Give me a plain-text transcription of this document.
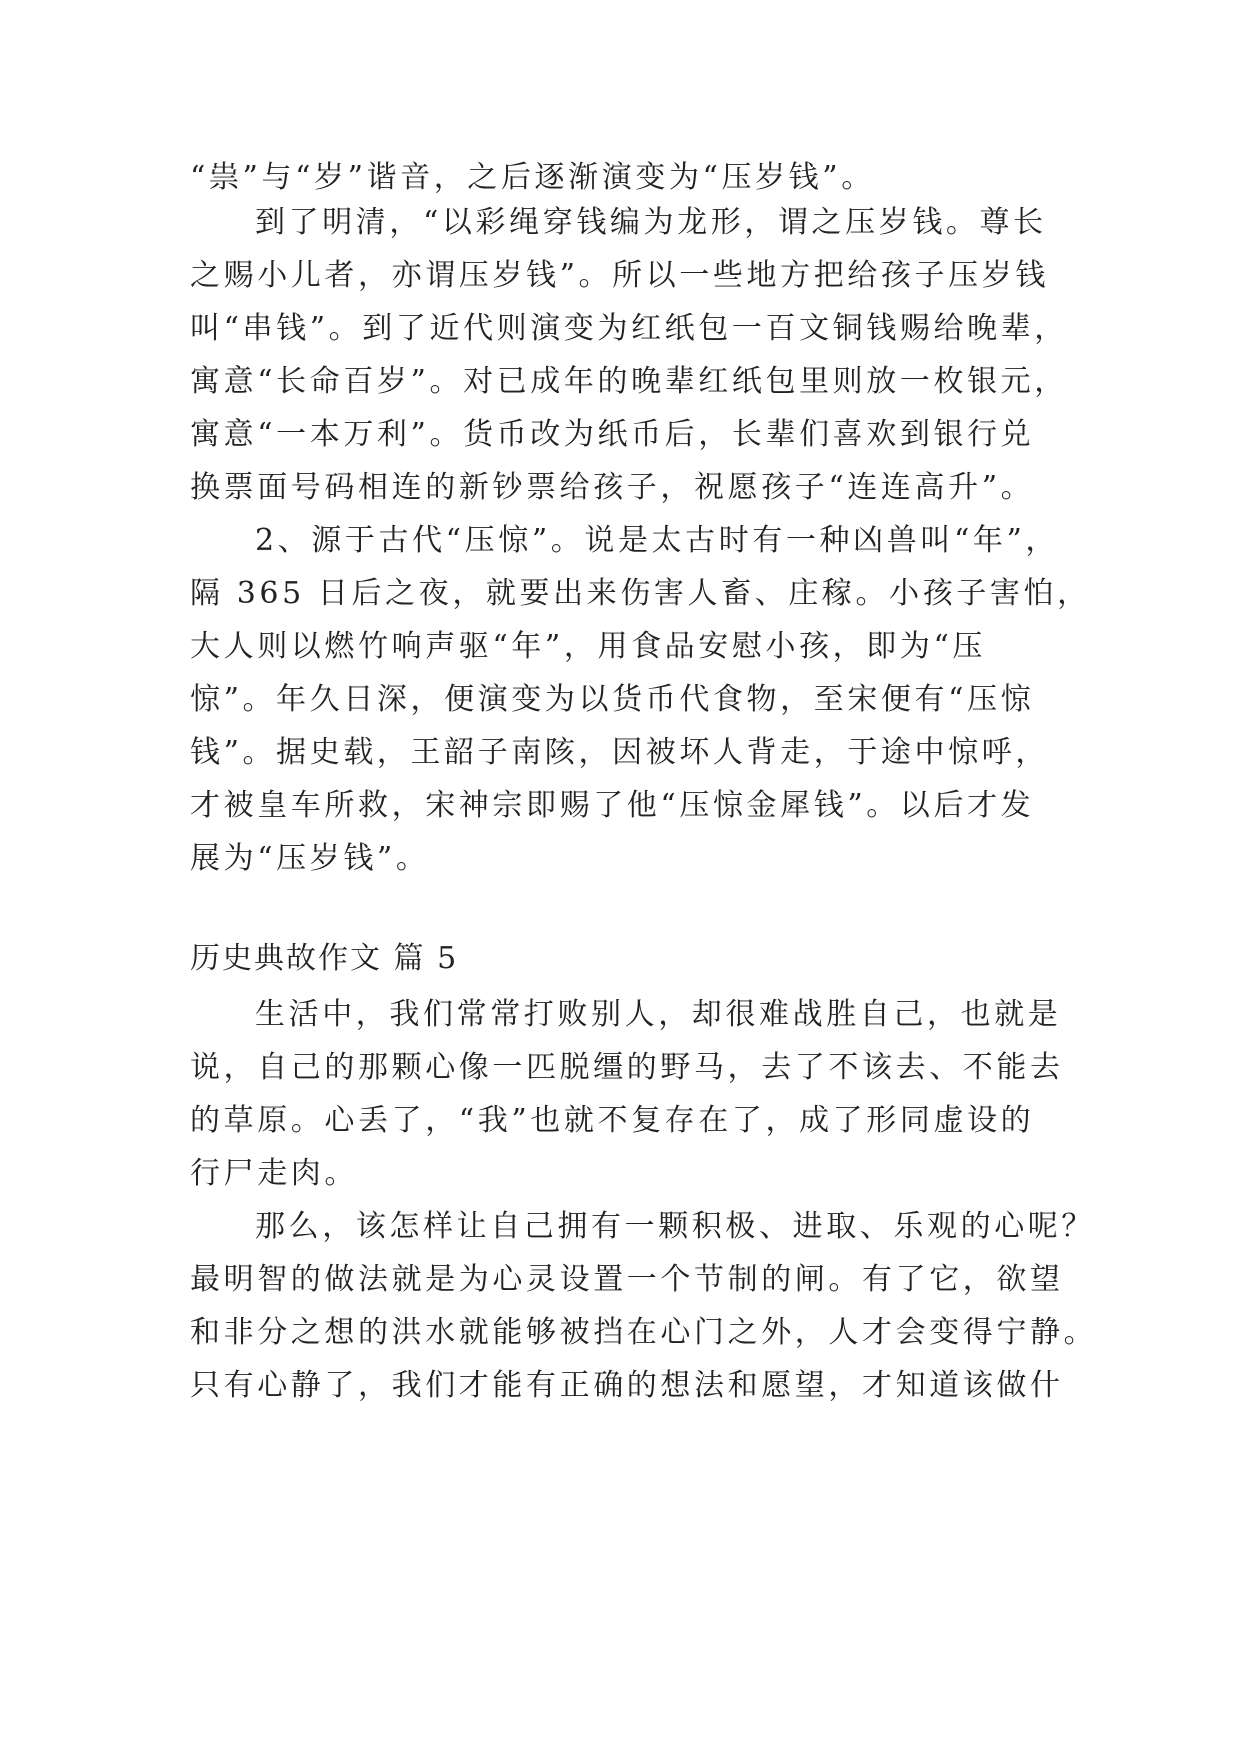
“祟”与“岁”谐音，之后逐渐演变为“压岁钱”。
到了明清，“以彩绳穿钱编为龙形，谓之压岁钱。尊长
之赐小儿者，亦谓压岁钱”。所以一些地方把给孩子压岁钱
叫“串钱”。到了近代则演变为红纸包一百文铜钱赐给晚辈，
寓意“长命百岁”。对已成年的晚辈红纸包里则放一枚银元，
寓意“一本万利”。货币改为纸币后，长辈们喜欢到银行兑
换票面号码相连的新钞票给孩子，祝愿孩子“连连高升”。
2、源于古代“压惊”。说是太古时有一种凶兽叫“年”，
隔 365 日后之夜，就要出来伤害人畜、庄稼。小孩子害怕，
大人则以燃竹响声驱“年”，用食品安慰小孩，即为“压
惊”。年久日深，便演变为以货币代食物，至宋便有“压惊
钱”。据史载，王韶子南陔，因被坏人背走，于途中惊呼，
才被皇车所救，宋神宗即赐了他“压惊金犀钱”。以后才发
展为“压岁钱”。
历史典故作文 篇 5
生活中，我们常常打败别人，却很难战胜自己，也就是
说，自己的那颗心像一匹脱缰的野马，去了不该去、不能去
的草原。心丢了，“我”也就不复存在了，成了形同虚设的
行尸走肉。
那么，该怎样让自己拥有一颗积极、进取、乐观的心呢？
最明智的做法就是为心灵设置一个节制的闸。有了它，欲望
和非分之想的洪水就能够被挡在心门之外，人才会变得宁静。
只有心静了，我们才能有正确的想法和愿望，才知道该做什
